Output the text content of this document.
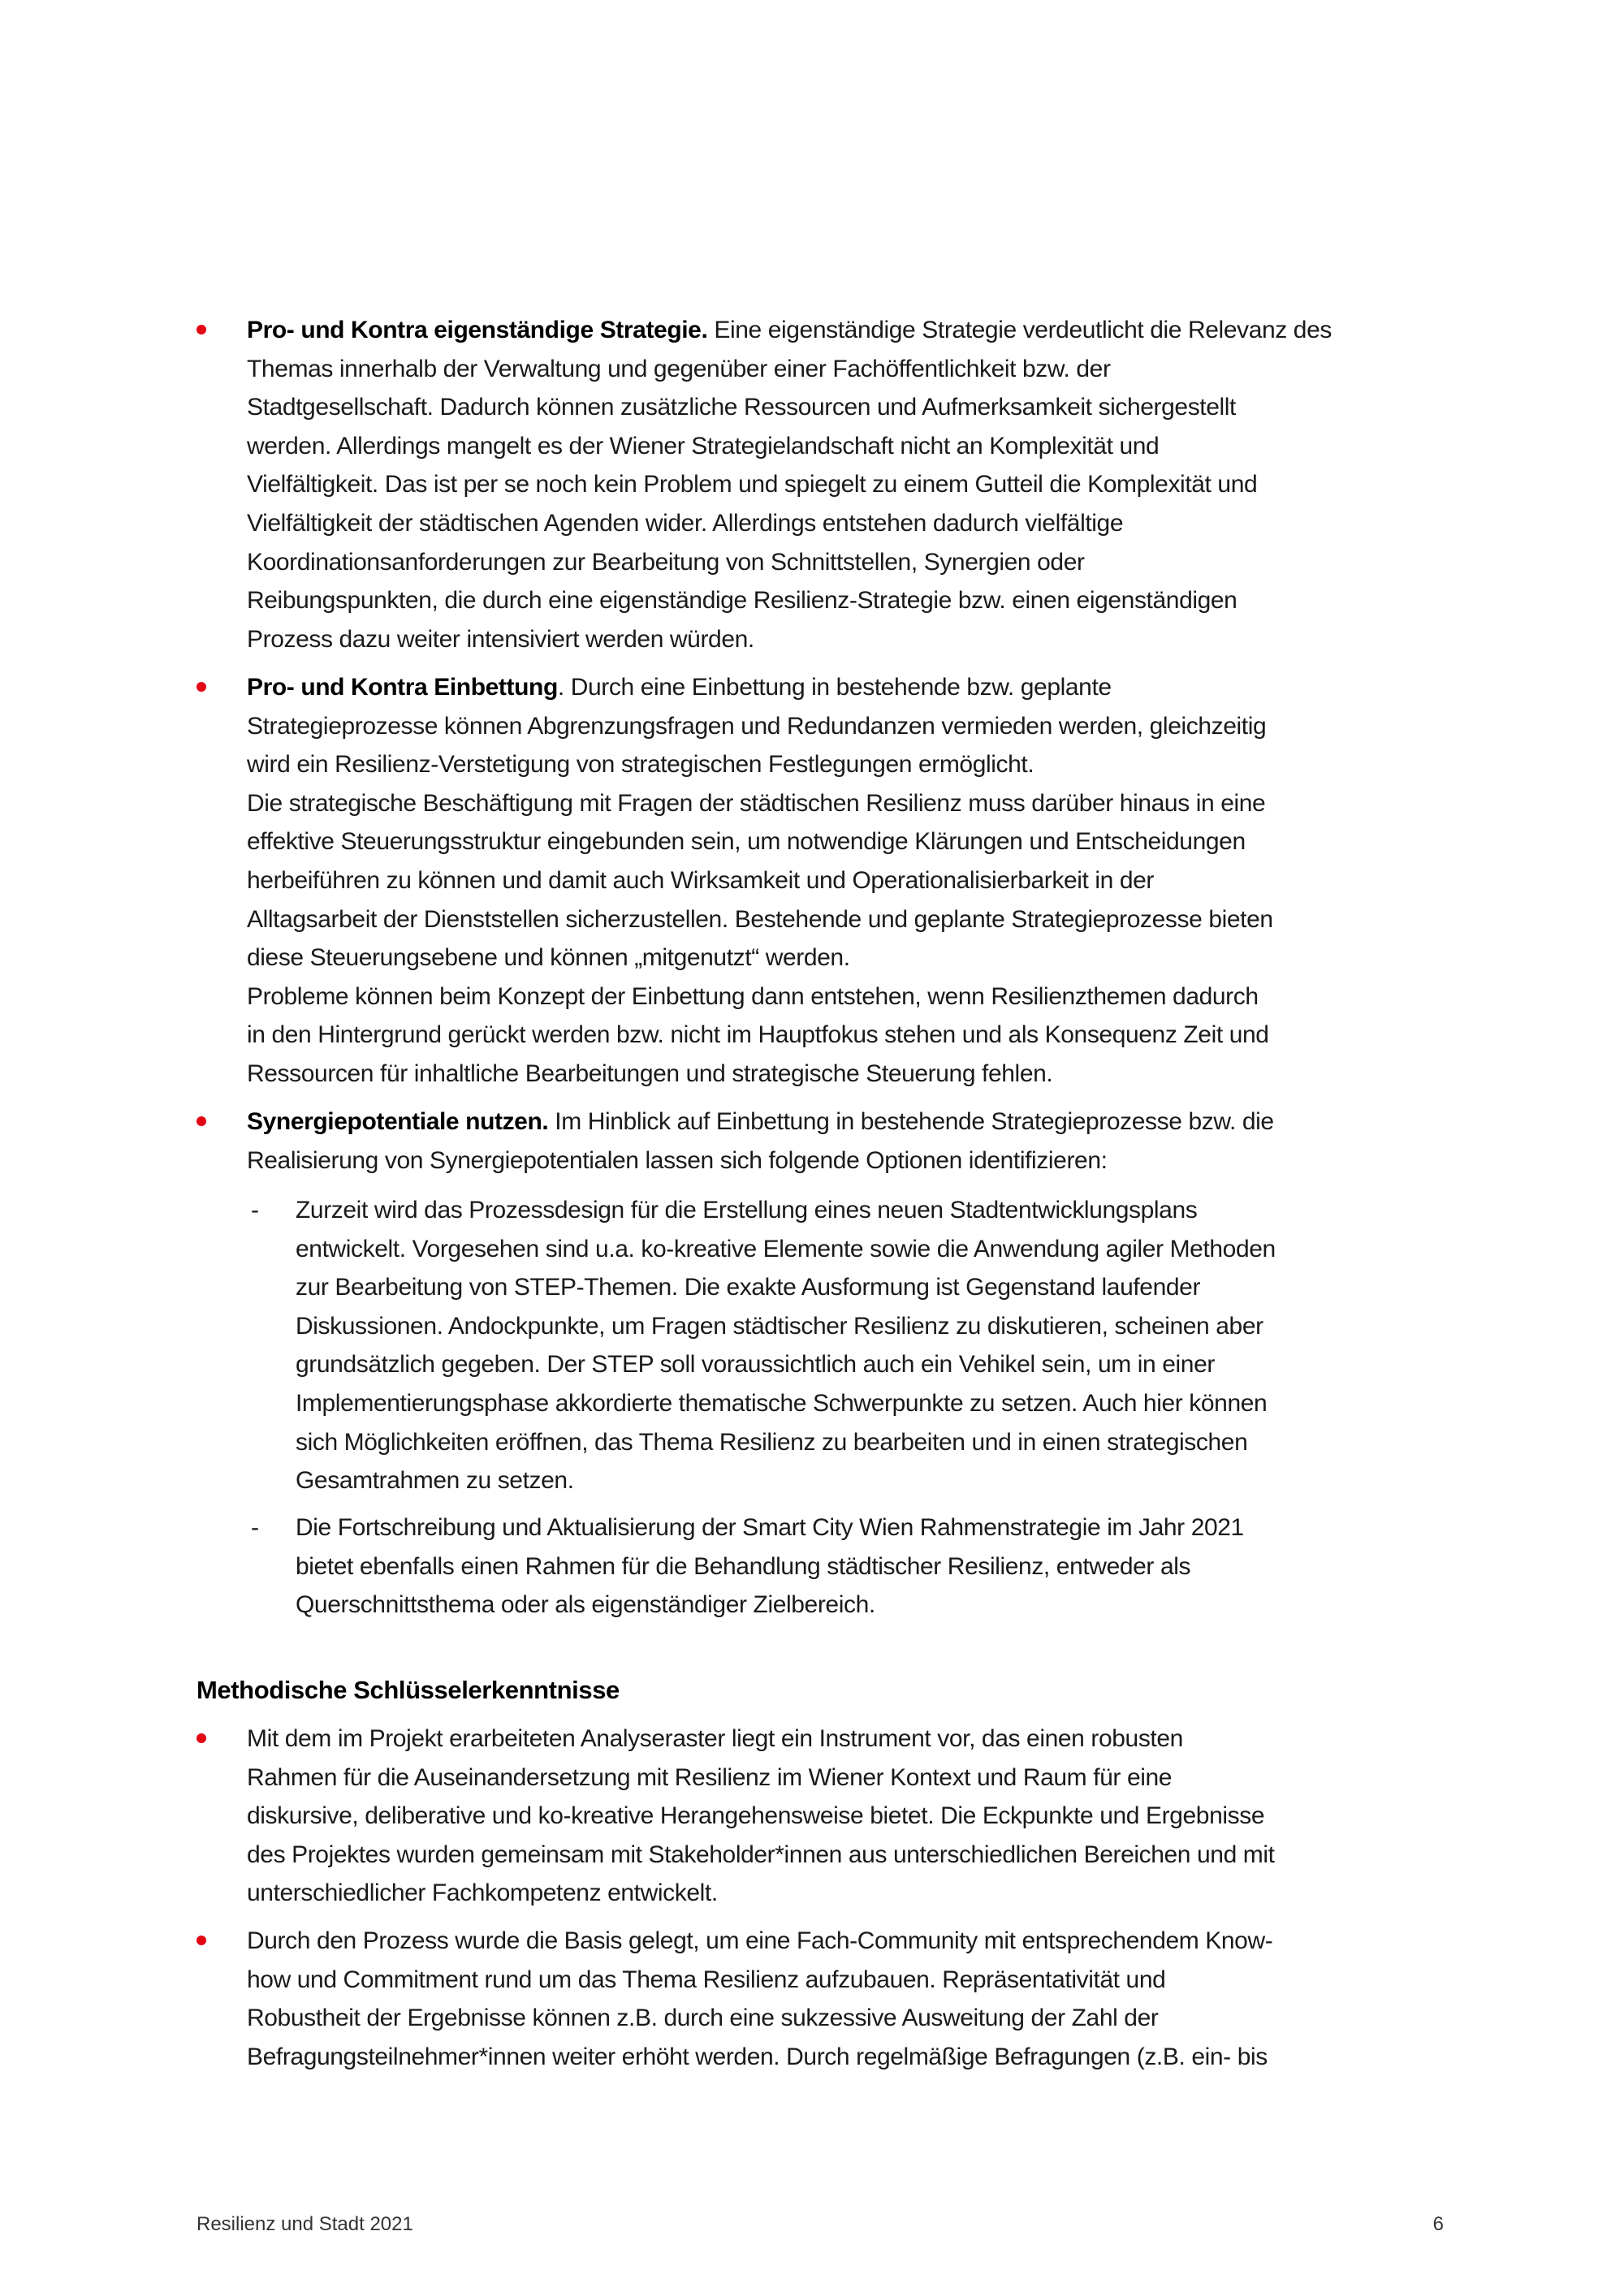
Pro- und Kontra eigenständige Strategie. Eine eigenständige Strategie verdeutlicht die Relevanz des
Themas innerhalb der Verwaltung und gegenüber einer Fachöffentlichkeit bzw. der
Stadtgesellschaft. Dadurch können zusätzliche Ressourcen und Aufmerksamkeit sichergestellt
werden. Allerdings mangelt es der Wiener Strategielandschaft nicht an Komplexität und
Vielfältigkeit. Das ist per se noch kein Problem und spiegelt zu einem Gutteil die Komplexität und
Vielfältigkeit der städtischen Agenden wider. Allerdings entstehen dadurch vielfältige
Koordinationsanforderungen zur Bearbeitung von Schnittstellen, Synergien oder
Reibungspunkten, die durch eine eigenständige Resilienz-Strategie bzw. einen eigenständigen
Prozess dazu weiter intensiviert werden würden.
Pro- und Kontra Einbettung. Durch eine Einbettung in bestehende bzw. geplante
Strategieprozesse können Abgrenzungsfragen und Redundanzen vermieden werden, gleichzeitig
wird ein Resilienz-Verstetigung von strategischen Festlegungen ermöglicht.
Die strategische Beschäftigung mit Fragen der städtischen Resilienz muss darüber hinaus in eine
effektive Steuerungsstruktur eingebunden sein, um notwendige Klärungen und Entscheidungen
herbeiführen zu können und damit auch Wirksamkeit und Operationalisierbarkeit in der
Alltagsarbeit der Dienststellen sicherzustellen. Bestehende und geplante Strategieprozesse bieten
diese Steuerungsebene und können „mitgenutzt“ werden.
Probleme können beim Konzept der Einbettung dann entstehen, wenn Resilienzthemen dadurch
in den Hintergrund gerückt werden bzw. nicht im Hauptfokus stehen und als Konsequenz Zeit und
Ressourcen für inhaltliche Bearbeitungen und strategische Steuerung fehlen.
Synergiepotentiale nutzen. Im Hinblick auf Einbettung in bestehende Strategieprozesse bzw. die
Realisierung von Synergiepotentialen lassen sich folgende Optionen identifizieren:
- Zurzeit wird das Prozessdesign für die Erstellung eines neuen Stadtentwicklungsplans
entwickelt. Vorgesehen sind u.a. ko-kreative Elemente sowie die Anwendung agiler Methoden
zur Bearbeitung von STEP-Themen. Die exakte Ausformung ist Gegenstand laufender
Diskussionen. Andockpunkte, um Fragen städtischer Resilienz zu diskutieren, scheinen aber
grundsätzlich gegeben. Der STEP soll voraussichtlich auch ein Vehikel sein, um in einer
Implementierungsphase akkordierte thematische Schwerpunkte zu setzen. Auch hier können
sich Möglichkeiten eröffnen, das Thema Resilienz zu bearbeiten und in einen strategischen
Gesamtrahmen zu setzen.
- Die Fortschreibung und Aktualisierung der Smart City Wien Rahmenstrategie im Jahr 2021
bietet ebenfalls einen Rahmen für die Behandlung städtischer Resilienz, entweder als
Querschnittsthema oder als eigenständiger Zielbereich.
Methodische Schlüsselerkenntnisse
Mit dem im Projekt erarbeiteten Analyseraster liegt ein Instrument vor, das einen robusten
Rahmen für die Auseinandersetzung mit Resilienz im Wiener Kontext und Raum für eine
diskursive, deliberative und ko-kreative Herangehensweise bietet. Die Eckpunkte und Ergebnisse
des Projektes wurden gemeinsam mit Stakeholder*innen aus unterschiedlichen Bereichen und mit
unterschiedlicher Fachkompetenz entwickelt.
Durch den Prozess wurde die Basis gelegt, um eine Fach-Community mit entsprechendem Know-
how und Commitment rund um das Thema Resilienz aufzubauen. Repräsentativität und
Robustheit der Ergebnisse können z.B. durch eine sukzessive Ausweitung der Zahl der
Befragungsteilnehmer*innen weiter erhöht werden. Durch regelmäßige Befragungen (z.B. ein- bis
Resilienz und Stadt 2021	6
